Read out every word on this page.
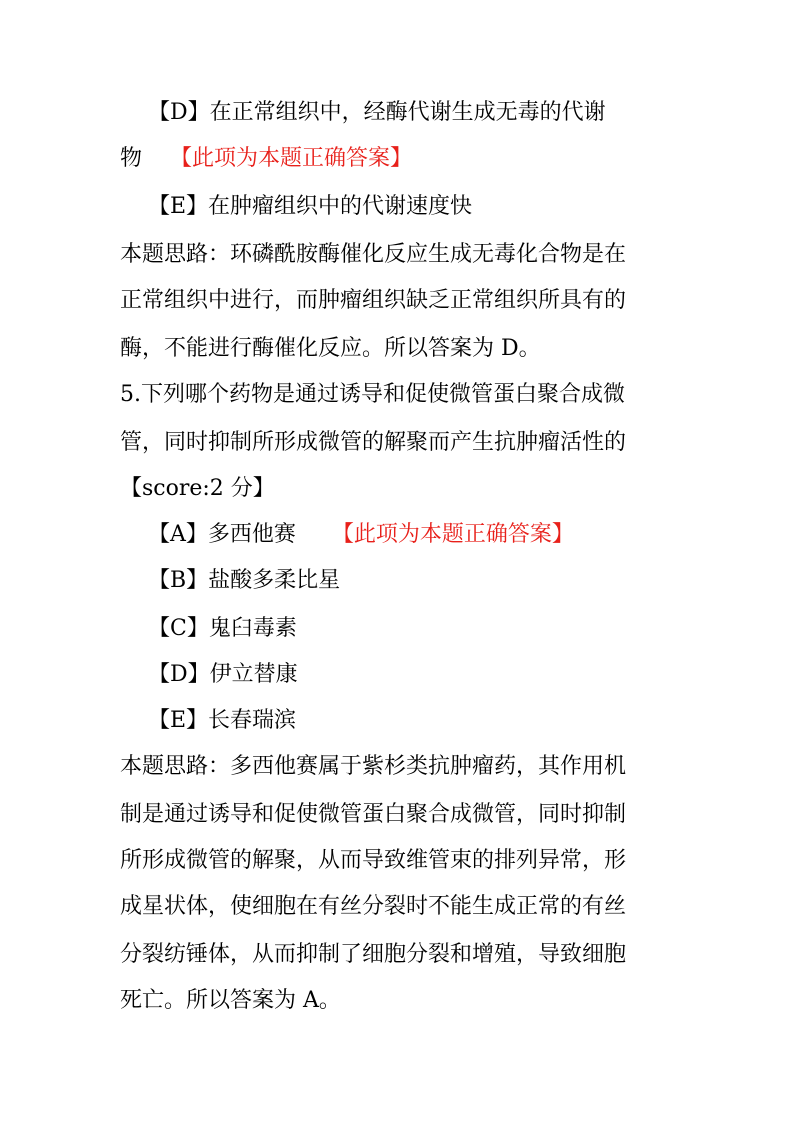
【D】在正常组织中，经酶代谢生成无毒的代谢
物 【此项为本题正确答案】
【E】在肿瘤组织中的代谢速度快
本题思路：环磷酰胺酶催化反应生成无毒化合物是在
正常组织中进行，而肿瘤组织缺乏正常组织所具有的
酶，不能进行酶催化反应。所以答案为 D。
5.下列哪个药物是通过诱导和促使微管蛋白聚合成微
管，同时抑制所形成微管的解聚而产生抗肿瘤活性的
【score:2 分】
【A】多西他赛 【此项为本题正确答案】
【B】盐酸多柔比星
【C】鬼臼毒素
【D】伊立替康
【E】长春瑞滨
本题思路：多西他赛属于紫杉类抗肿瘤药，其作用机
制是通过诱导和促使微管蛋白聚合成微管，同时抑制
所形成微管的解聚，从而导致维管束的排列异常，形
成星状体，使细胞在有丝分裂时不能生成正常的有丝
分裂纺锤体，从而抑制了细胞分裂和增殖，导致细胞
死亡。所以答案为 A。
